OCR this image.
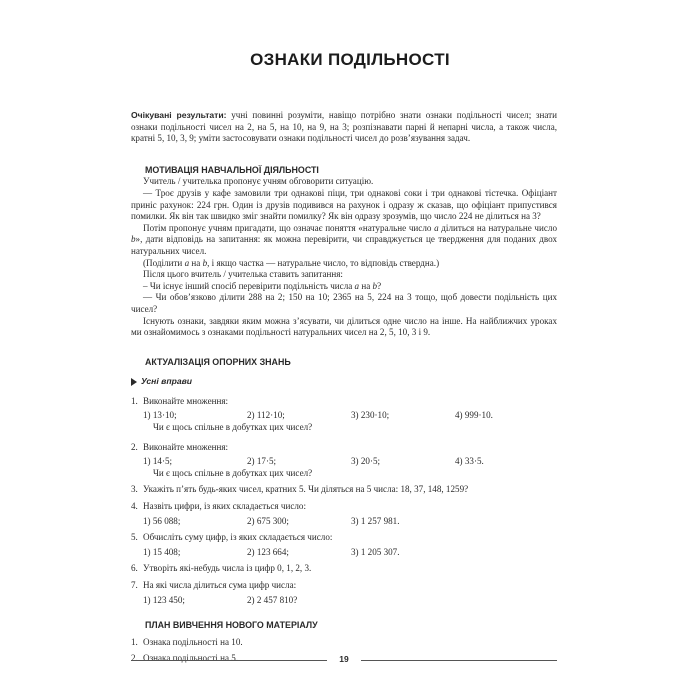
ОЗНАКИ ПОДІЛЬНОСТІ

Очікувані результати: учні повинні розуміти, навіщо потрібно знати ознаки подільності чисел; знати ознаки подільності чисел на 2, на 5, на 10, на 9, на 3; розпізнавати парні й непарні числа, а також числа, кратні 5, 10, 3, 9; уміти застосовувати ознаки подільності чисел до розв’язування задач.

МОТИВАЦІЯ НАВЧАЛЬНОЇ ДІЯЛЬНОСТІ

Учитель / учителька пропонує учням обговорити ситуацію.

— Троє друзів у кафе замовили три однакові піци, три однакові соки і три однакові тістечка. Офіціант приніс рахунок: 224 грн. Один із друзів подивився на рахунок і одразу ж сказав, що офіціант припустився помилки. Як він так швидко зміг знайти помилку? Як він одразу зрозумів, що число 224 не ділиться на 3?

Потім пропонує учням пригадати, що означає поняття «натуральне число a ділиться на натуральне число b», дати відповідь на запитання: як можна перевірити, чи справджується це твердження для поданих двох натуральних чисел.

(Поділити a на b, і якщо частка — натуральне число, то відповідь ствердна.)

Після цього вчитель / учителька ставить запитання:

– Чи існує інший спосіб перевірити подільність числа a на b?

— Чи обов’язково ділити 288 на 2; 150 на 10; 2365 на 5, 224 на 3 тощо, щоб довести подільність цих чисел?

Існують ознаки, завдяки яким можна з’ясувати, чи ділиться одне число на інше. На найближчих уроках ми ознайомимось з ознаками подільності натуральних чисел на 2, 5, 10, 3 і 9.

АКТУАЛІЗАЦІЯ ОПОРНИХ ЗНАНЬ

Усні вправи
1. Виконайте множення:
1) 13·10;	2) 112·10;	3) 230·10;	4) 999·10.
Чи є щось спільне в добутках цих чисел?
2. Виконайте множення:
1) 14·5;	2) 17·5;	3) 20·5;	4) 33·5.
Чи є щось спільне в добутках цих чисел?
3. Укажіть п’ять будь-яких чисел, кратних 5. Чи діляться на 5 числа: 18, 37, 148, 1259?
4. Назвіть цифри, із яких складається число:
1) 56 088;	2) 675 300;	3) 1 257 981.
5. Обчисліть суму цифр, із яких складається число:
1) 15 408;	2) 123 664;	3) 1 205 307.
6. Утворіть які-небудь числа із цифр 0, 1, 2, 3.
7. На які числа ділиться сума цифр числа:
1) 123 450;	2) 2 457 810?

ПЛАН ВИВЧЕННЯ НОВОГО МАТЕРІАЛУ

1. Ознака подільності на 10.
2. Ознака подільності на 5.	19
